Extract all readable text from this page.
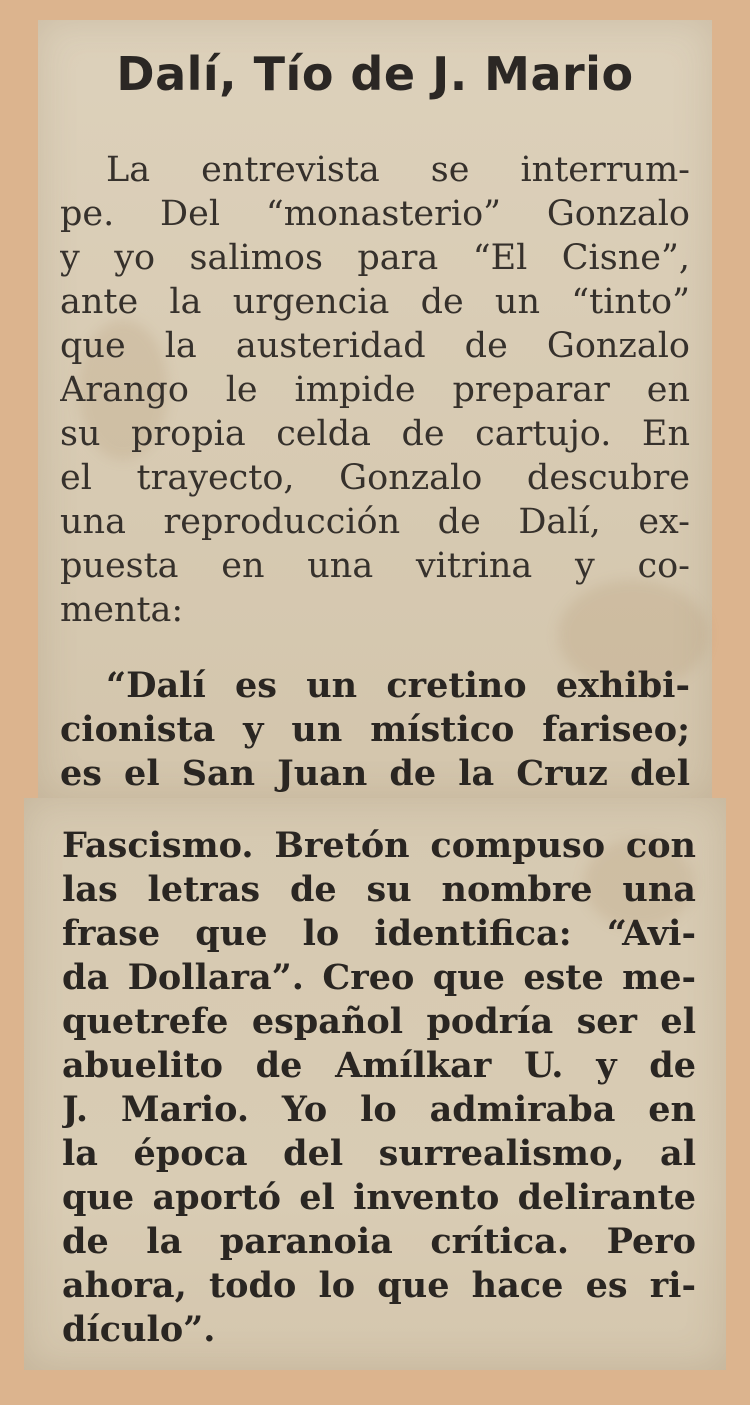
Dalí, Tío de J. Mario
La entrevista se interrum-
pe. Del “monasterio” Gonzalo
y yo salimos para “El Cisne”,
ante la urgencia de un “tinto”
que la austeridad de Gonzalo
Arango le impide preparar en
su propia celda de cartujo. En
el trayecto, Gonzalo descubre
una reproducción de Dalí, ex-
puesta en una vitrina y co-
menta:
“Dalí es un cretino exhibi-
cionista y un místico fariseo;
es el San Juan de la Cruz del
Fascismo. Bretón compuso con
las letras de su nombre una
frase que lo identifica: “Avi-
da Dollara”. Creo que este me-
quetrefe español podría ser el
abuelito de Amílkar U. y de
J. Mario. Yo lo admiraba en
la época del surrealismo, al
que aportó el invento delirante
de la paranoia crítica. Pero
ahora, todo lo que hace es ri-
dículo”.
